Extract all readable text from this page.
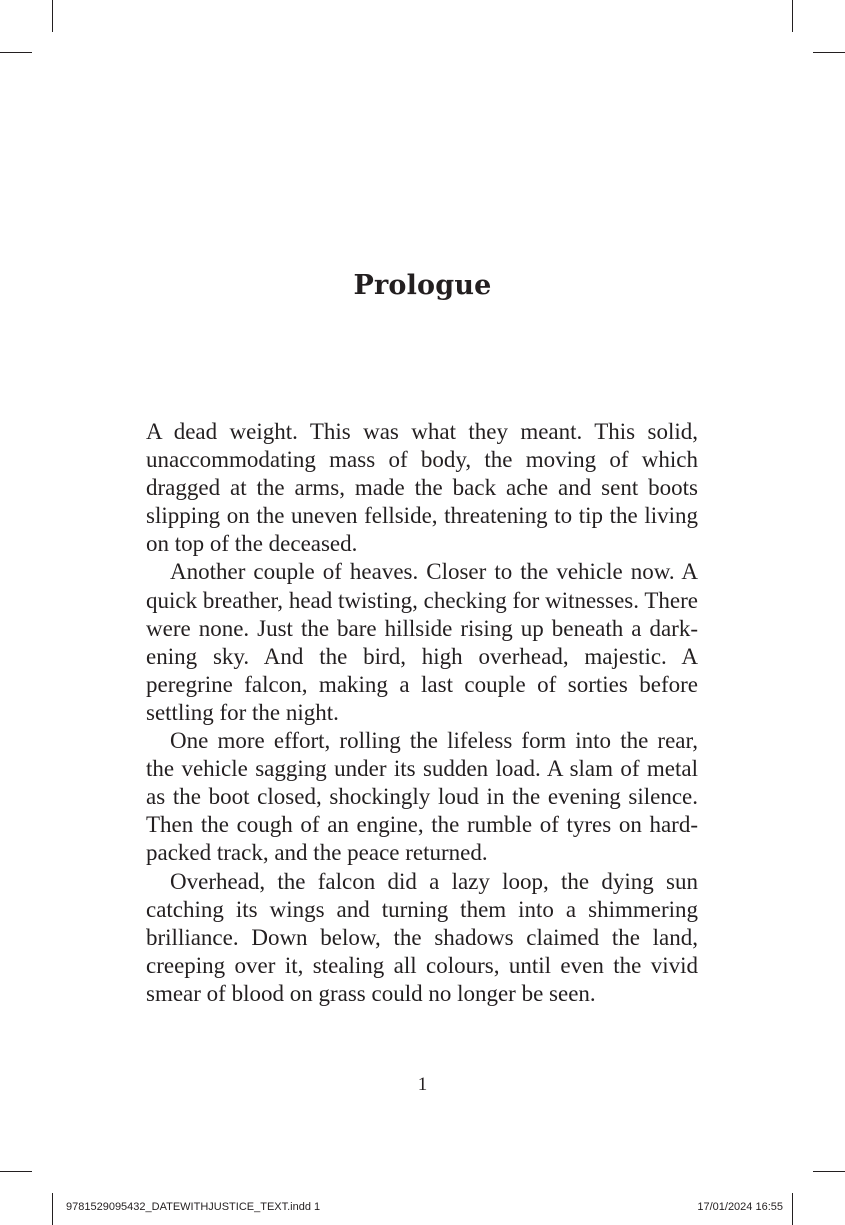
Prologue

A dead weight. This was what they meant. This solid, unaccommodating mass of body, the moving of which dragged at the arms, made the back ache and sent boots slipping on the uneven fellside, threatening to tip the living on top of the deceased.

Another couple of heaves. Closer to the vehicle now. A quick breather, head twisting, checking for witnesses. There were none. Just the bare hillside rising up beneath a darkening sky. And the bird, high overhead, majestic. A peregrine falcon, making a last couple of sorties before settling for the night.

One more effort, rolling the lifeless form into the rear, the vehicle sagging under its sudden load. A slam of metal as the boot closed, shockingly loud in the evening silence. Then the cough of an engine, the rumble of tyres on hardpacked track, and the peace returned.

Overhead, the falcon did a lazy loop, the dying sun catching its wings and turning them into a shimmering brilliance. Down below, the shadows claimed the land, creeping over it, stealing all colours, until even the vivid smear of blood on grass could no longer be seen.

1
9781529095432_DATEWITHJUSTICE_TEXT.indd 1	17/01/2024 16:55
